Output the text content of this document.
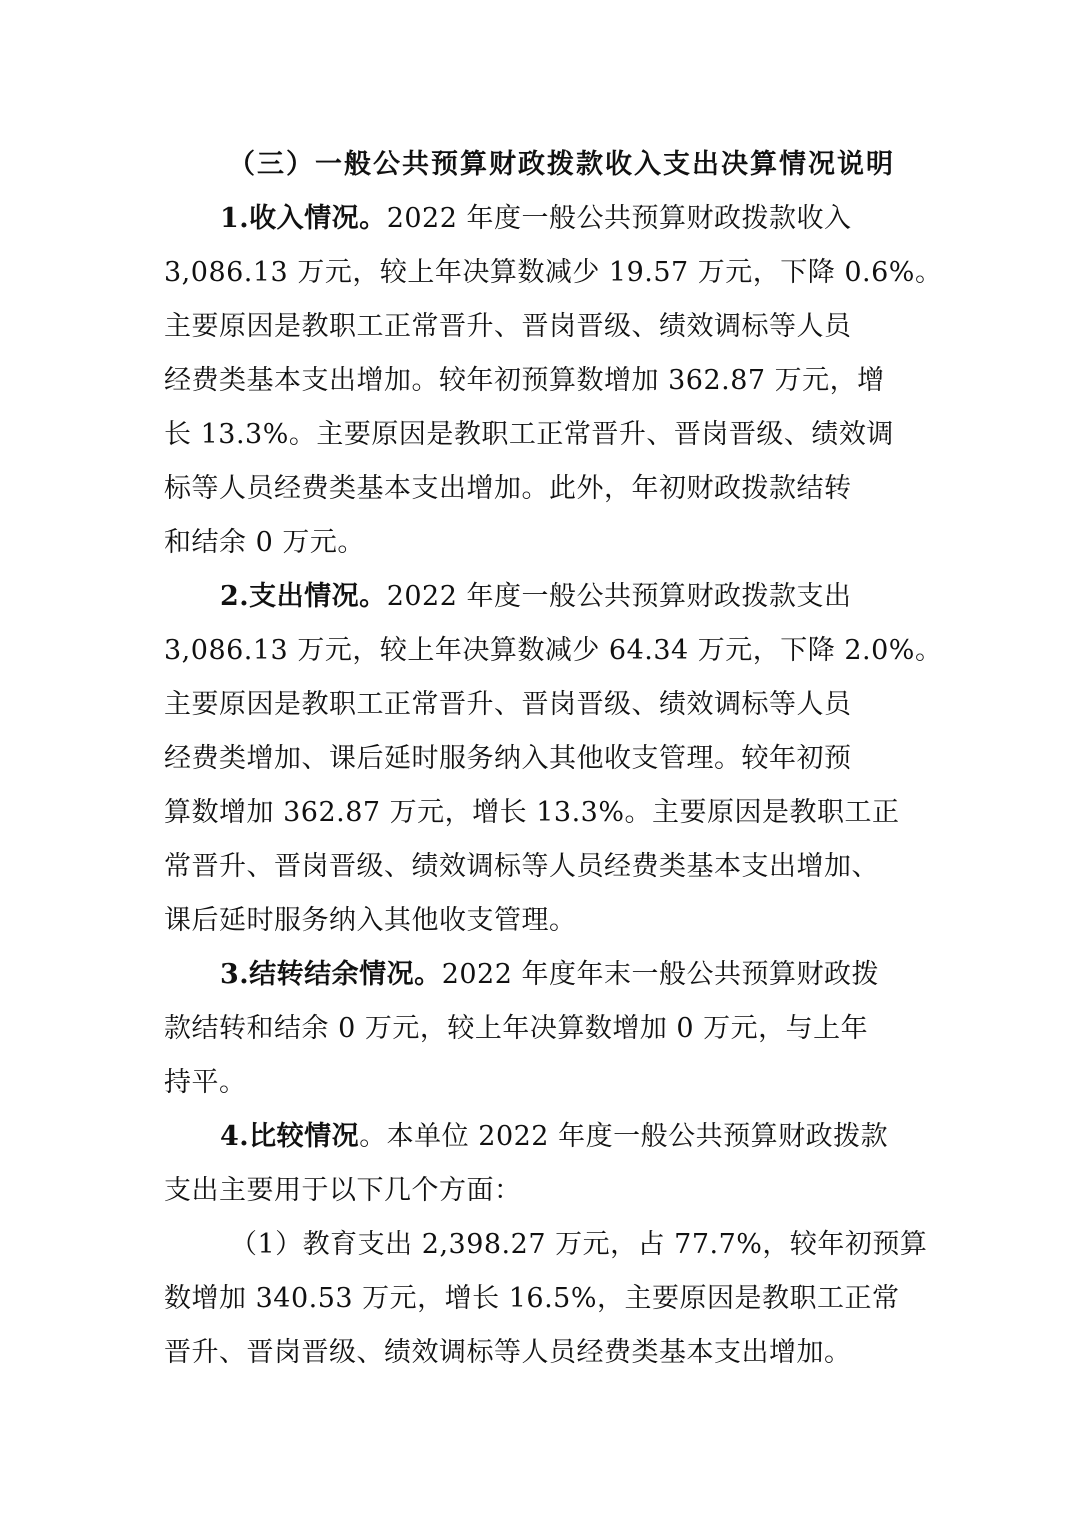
（三）一般公共预算财政拨款收入支出决算情况说明
1.收入情况。2022 年度一般公共预算财政拨款收入
3,086.13 万元，较上年决算数减少 19.57 万元，下降 0.6%。
主要原因是教职工正常晋升、晋岗晋级、绩效调标等人员
经费类基本支出增加。较年初预算数增加 362.87 万元，增
长 13.3%。主要原因是教职工正常晋升、晋岗晋级、绩效调
标等人员经费类基本支出增加。此外，年初财政拨款结转
和结余 0 万元。
2.支出情况。2022 年度一般公共预算财政拨款支出
3,086.13 万元，较上年决算数减少 64.34 万元，下降 2.0%。
主要原因是教职工正常晋升、晋岗晋级、绩效调标等人员
经费类增加、课后延时服务纳入其他收支管理。较年初预
算数增加 362.87 万元，增长 13.3%。主要原因是教职工正
常晋升、晋岗晋级、绩效调标等人员经费类基本支出增加、
课后延时服务纳入其他收支管理。
3.结转结余情况。2022 年度年末一般公共预算财政拨
款结转和结余 0 万元，较上年决算数增加 0 万元，与上年
持平。
4.比较情况。本单位 2022 年度一般公共预算财政拨款
支出主要用于以下几个方面：
（1）教育支出 2,398.27 万元，占 77.7%，较年初预算
数增加 340.53 万元，增长 16.5%，主要原因是教职工正常
晋升、晋岗晋级、绩效调标等人员经费类基本支出增加。
